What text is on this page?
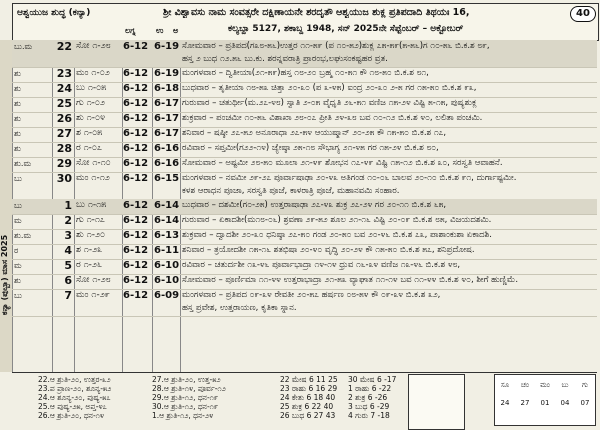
ಆಶ್ವಯುಜ ಶುದ್ಧ (ಕನ್ಯಾ)	ಶ್ರೀ ವಿಶ್ವಾವಸು ನಾಮ ಸಂವತ್ಸರೇ ದಕ್ಷಿಣಾಯನೇ ಶರದೃತೌ ಆಶ್ವಯುಜ ಶುಕ್ಲ ಪ್ರತಿಪದಾದಿ ತಿಥಯಃ 16,
ಕಲ್ಯಬ್ದಾ 5127, ಶಕಾಬ್ದ 1948, ಸನ್ 2025ನೇ ಸೆಪ್ಟೆಂಬರ್ – ಅಕ್ಟೋಬರ್
40
ಲಗ್ನ	ಉ ಅ
ಕನ್ಯಾ (ಪುಬ್ಬಾ) ಮಾಸ 2025
ಬು.ಮ	22 ಸೋ ೧-೨೮	6-12 6-19 ಸೋಮವಾರ – ಪ್ರತಿಪದ(ಗ೩೮-೫೬)ಉತ್ತರ ೧೧-೫೯ (ಪ ೧೦-೫೨)ಶುಕ್ಲ ೭೫-೫೯(೫-೫೬)ಗ ೧೦-೫೬ ಬಿ.ಕ.ಶ ೮೯,
ಹಸ್ತ ೨ ಬುಧ ೧೨.೫೬ ಬು.ಕು. ಶರನ್ನವರಾತ್ರಿ ಪ್ರಾರಂಭ,ಲಘುಸಂಕಷ್ಟಹರ ವ್ರತ.
ಶು	23 ಮಂ ೧-೦೨	6-12 6-19 ಮಂಗಳವಾರ – ದ್ವಿತೀಯಾ(೨೧-೫೯)ಹಸ್ತ ೧೮-೨೦ ಬ್ರಹ್ಮ ೧೦-೫೧ ಕೌ ೧೮-೫೦ ಬಿ.ಕ.ಶ ೮೧,
ಶು	24 ಬು ೧-೦೫	6-12 6-18 ಬುಧವಾರ – ತೃತೀಯಾ ೧೮-೫೩ ಚಿತ್ತಾ ೨೦-೩೦ (ಪ ೩-೪೫) ಐಂದ್ರ ೨೦-೩೦ ೨-೫ ಗರ ೧೫-೫೦ ಬಿ.ಕ.ಶ ೯೩,
ಶು	25 ಗು ೧-೦೨	6-12 6-17 ಗುರುವಾರ – ಚತುರ್ಥೀ(ಮ.೨೭-೪೮) ಸ್ವಾತಿ ೨-೦೫ ವೈಧೃತಿ ೨೬-೫೧ ವಣಿಜ ೧೫-೨೪ ವಿಷ್ಟಿ ೫-೧೫, ಪುಷ್ಯಶುಕ್ಲ
ಶು	26 ಶು ೧-೦೪	6-12 6-17 ಶುಕ್ರವಾರ – ಪಂಚಮೀ ೧೦-೫೬ ವಿಶಾಖಾ ೨೮-೦೭ ಪ್ರೀತಿ ೨೪-೩೮ ಬವ ೧೦-೧೨ ಬಿ.ಕ.ಶ ೪೦, ಲಲಿತಾ ಪಂಚಮಿ.
ಶು	27 ಶ ೧-೦೫	6-12 6-17 ಶನಿವಾರ – ಷಷ್ಠೀ ೨೭-೫೨ ಅನೂರಾಧಾ ೨೭-೫೪ ಆಯುಷ್ಮಾನ್ ೨೦-೨೫ ಕೌ ೧೫-೫೦ ಬಿ.ಕ.ಶ ೧೭,
ಶು	28 ರ ೧-೦೭	6-12 6-16 ರವಿವಾರ – ಸಪ್ತಮೀ(ಗ೨೨-೧೪) ಜ್ಯೇಷ್ಠಾ ೨೫-೧೮ ಸೌಭಾಗ್ಯ ೨೧-೪೫ ಗರ ೧೫-೨೪ ಬಿ.ಕ.ಶ ೮೦,
ಶು.ಮ	29 ಸೋ ೧-೧೦	6-12 6-16 ಸೋಮವಾರ – ಅಷ್ಟಮೀ ೨೮-೫೦ ಮೂಲಾ ೨೧-೪೯ ಶೋಭನ ೧೭-೪೯ ವಿಷ್ಟಿ ೧೫-೧೨ ಬಿ.ಕ.ಶ ೩೦, ಸರಸ್ವತಿ ಆವಾಹನೆ.
ಬು	30 ಮಂ ೧-೧೨	6-12 6-15 ಮಂಗಳವಾರ – ನವಮೀ ೨೯-೨೭ ಪೂರ್ವಾಷಾಢಾ ೨೦-೪೩ ಅತಿಗಂಡ ೧೦-೦೬ ಬಾಲವ ೨೦-೧೦ ಬಿ.ಕ.ಶ ೯೧, ದುರ್ಗಾಷ್ಟಮೀ.
ಕಳಶ ಆರಾಧನ ಪೂಜಾ, ಸರಸ್ವತಿ ಪೂಜೆ, ಕಾಳರಾತ್ರಿ ಪೂಜೆ, ಮಹಾನವಮಿ ಸಂಹಾರ.
ಬು	1 ಬು ೧-೧೫	6-12 6-14 ಬುಧವಾರ – ದಶಮೀ(ಗ೦-೨೫) ಉತ್ತರಾಷಾಢಾ ೨೭-೪೩ ಶುಕ್ರ ೨೭-೨೪ ಗರ ೨೦-೧೧ ಬಿ.ಕ.ಶ ೬೫,
ಮ	2 ಗು ೧-೧೭	6-12 6-14 ಗುರುವಾರ – ಏಕಾದಶೀ(ಮ೧೮-೦೬) ಶ್ರವಣಾ ೨೯-೫೨ ಶೂಲ ೨೧-೧೬ ವಿಷ್ಟಿ ೨೦-೦೯ ಬಿ.ಕ.ಶ ೮೫, ವಿಜಯದಶಮಿ.
ಶು.ಮ	3 ಶು ೧-೨೦	6-12 6-13 ಶುಕ್ರವಾರ – ದ್ವಾದಶೀ ೨೦-೩೦ ಧನಿಷ್ಠಾ ೨೭-೫೦ ಗಂಡ ೨೦-೫೦ ಬವ ೨೦-೪೬ ಬಿ.ಕ.ಶ ೭೩, ಪಾಶಾಂಕುಶಾ ಏಕಾದಶಿ.
ರ	4 ಶ ೧-೨೩	6-12 6-11 ಶನಿವಾರ – ತ್ರಯೋದಶೀ ೧೫-೧೬ ಶತಭಿಷಾ ೨೦-೪೦ ವೃದ್ಧಿ ೨೦-೨೪ ಕೌ ೧೫-೫೦ ಬಿ.ಕ.ಶ ೫೭, ಶನಿಪ್ರದೋಷ.
ಮ	5 ರ ೧-೨೬	6-12 6-10 ರವಿವಾರ – ಚತುರ್ದಶೀ ೧೩-೪೬ ಪೂರ್ವಾಭಾದ್ರಾ ೧೪-೧೪ ಧ್ರುವ ೧೬-೩೪ ವಣಿಜ ೧೩-೪೬ ಬಿ.ಕ.ಶ ೪೮,
ಶು	6 ಸೋ ೧-೨೮	6-12 6-10 ಸೋಮವಾರ – ಪೂರ್ಣಿಮಾ ೧೧-೪೪ ಉತ್ತರಾಭಾದ್ರಾ ೨೧-೫೩ ವ್ಯಾಘಾತ ೧೧-೧೪ ಬವ ೧೧-೪೪ ಬಿ.ಕ.ಶ ೪೦, ಶೀಗೆ ಹುಣ್ಣಿಮೆ.
ಬು	7 ಮಂ ೧-೨೯	6-12 6-09 ಮಂಗಳವಾರ – ಪ್ರತಿಪದ ೦೯-೩೪ ರೇವತೀ ೨೦-೫೭ ಹರ್ಷಣ ೦೮-೫೪ ಕೌ ೦೯-೩೪ ಬಿ.ಕ.ಶ ೩೨,
ಹಸ್ತ ಪ್ರವೇಶ, ಉತ್ತರಾಯಣ, ಕೃತಿಕಾ ಸ್ನಾನ.
22.ಆ ಶ್ರುತಿ-೨೦, ಉತ್ತರ-೩೨
23.ಪ ಪ್ರಾಣ-೨೦, ಶೂನ್ಯ-೫೨
24.ಆ ಶೂನ್ಯ-೨೦, ಪುಷ್ಯ-೫೭
25.ಆ ಪುಷ್ಯ-೨೫, ಅಪ್ತ-೪೭
26.ಆ ಶ್ರುತಿ-೨೦, ಧನ-೧೪
27.ಆ ಶ್ರುತಿ-೨೦, ಉತ್ತ-೫೨
28.ಆ ಶ್ರುತಿ-೧೪, ಪೂರ್ವ-೧೨
29.ಆ ಶ್ರುತಿ-೧೨, ಧನ-೧೯
30.ಆ ಶ್ರುತಿ-೧೨, ಧನ-೧೯
1.ಆ ಶ್ರುತಿ-೧೨, ಧನ-೨೪
22 ಮೇಷ 6 11 25
23 ರಾಹು 6 16 29
24 ಕೇತು 6 18 40
25 ಶುಕ್ರ 6 22 40
26 ಬುಧ 6 27 43
30 ಮೇಷ 6 -17
1 ರಾಹು 6 -22
2 ಶುಕ್ರ 6 -26
3 ಬುಧ 6 -29
4 ಗುರು 7 -18
ಸೂ	ಚಂ	ಮಂ	ಬು	ಗು
24	27	01	04	07
